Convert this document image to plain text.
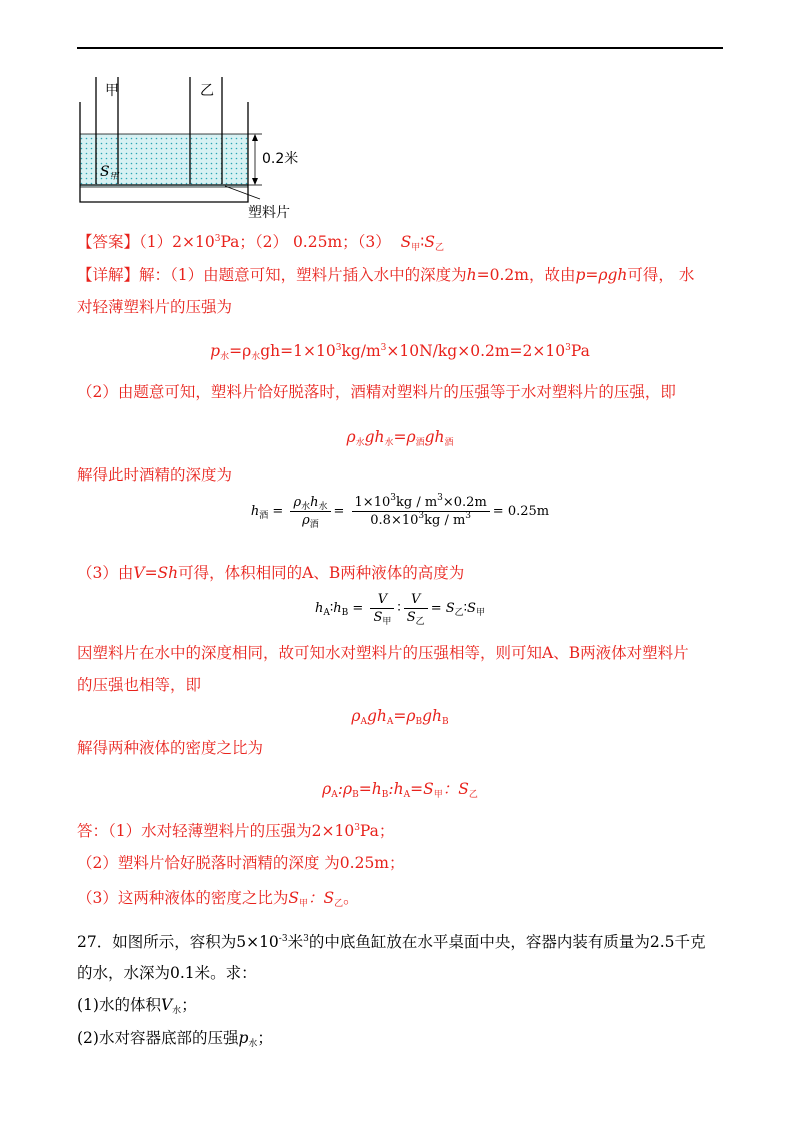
甲	乙
0.2米
$S_甲$
塑料片
【答案】$(1)2\times 10^3Pa$；（2） 0.25m；（3） $S_甲∶S_乙$
【详解】解：（1）由题意可知，塑料片插入水中的深度为h=0.2m，故由p=ρgh可得， 水
对轻薄塑料片的压强为
$p_水=\rho_水gh=1\times 10^3kg/m^3\times 10N/kg\times 0.2m=2\times 10^3Pa$
（2）由题意可知，塑料片恰好脱落时，酒精对塑料片的压强等于水对塑料片的压强，即
$\rho_水gh_水=\rho_酒gh_酒$
解得此时酒精的深度为
$h_酒 = \frac{\rho_水h_水}{\rho_酒} = \frac{1\times 10^3kg / m^3\times 0.2m}{0.8\times 10^3kg / m^3} = 0.25m$
（3）由V=Sh可得，体积相同的A、B两种液体的高度为
$h_A∶h_B = \frac{V}{S_甲}$ ∶ $\frac{V}{S_乙}$ = $S_乙∶S_甲$
因塑料片在水中的深度相同，故可知水对塑料片的压强相等，则可知A、B两液体对塑料片
的压强也相等，即
$\rho_Agh_A=\rho_Bgh_B$
解得两种液体的密度之比为
$\rho_A:\rho_B=h_B:h_A=S_甲$：$S_乙$
答：（1）水对轻薄塑料片的压强为$2\times 10^3Pa$；
（2）塑料片恰好脱落时酒精的深度 为0.25m；
（3）这两种液体的密度之比为$S_甲$：$S_乙$。
27．如图所示，容积为$5\times 10^{-3}$米$^3$的中底鱼缸放在水平桌面中央，容器内装有质量为2.5千克
的水，水深为0.1米。求：
(1)水的体积$V_水$；
(2)水对容器底部的压强$p_水$；
